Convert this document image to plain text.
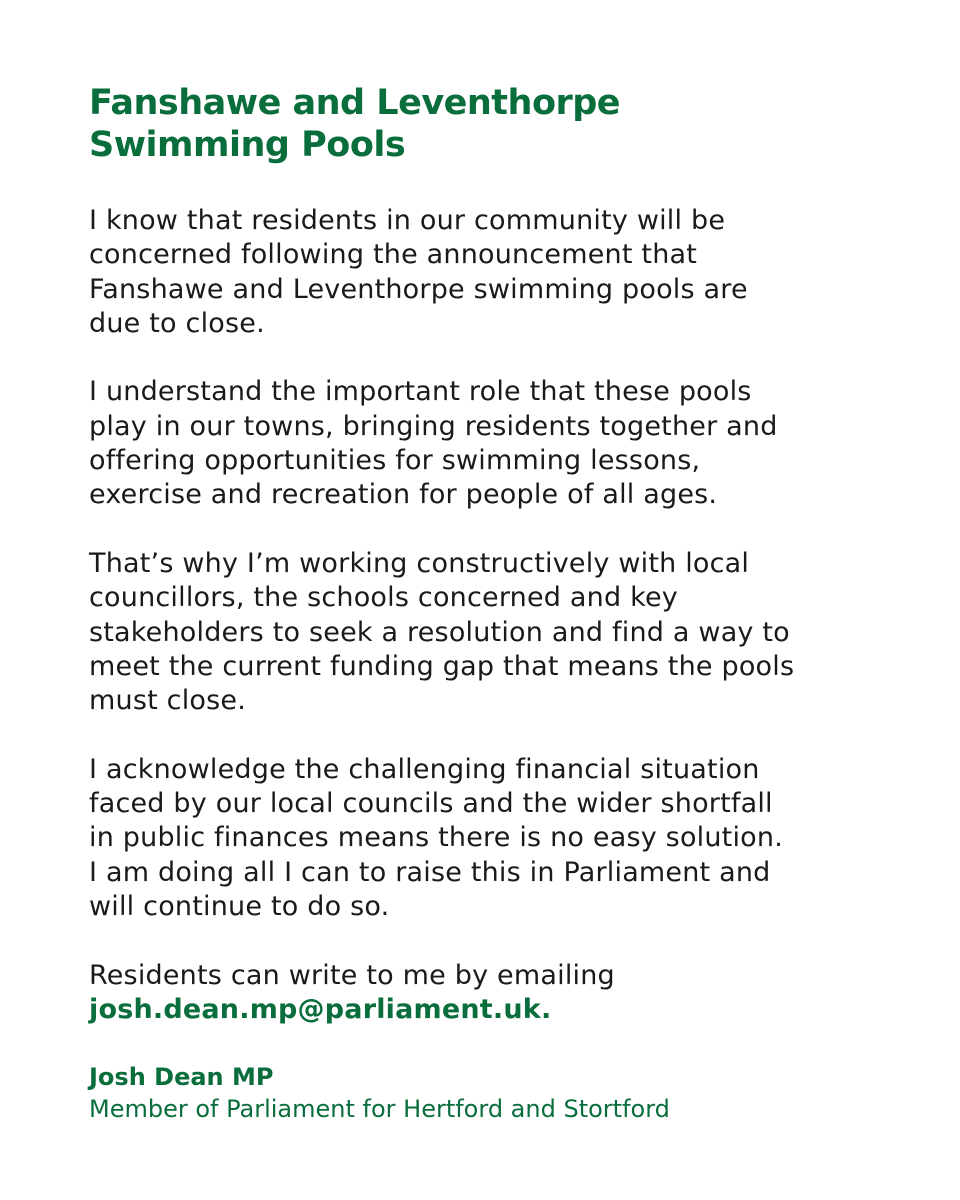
Fanshawe and Leventhorpe
Swimming Pools

I know that residents in our community will be
concerned following the announcement that
Fanshawe and Leventhorpe swimming pools are
due to close.

I understand the important role that these pools
play in our towns, bringing residents together and
offering opportunities for swimming lessons,
exercise and recreation for people of all ages.

That’s why I’m working constructively with local
councillors, the schools concerned and key
stakeholders to seek a resolution and find a way to
meet the current funding gap that means the pools
must close.

I acknowledge the challenging financial situation
faced by our local councils and the wider shortfall
in public finances means there is no easy solution.
I am doing all I can to raise this in Parliament and
will continue to do so.

Residents can write to me by emailing
josh.dean.mp@parliament.uk.

Josh Dean MP
Member of Parliament for Hertford and Stortford
